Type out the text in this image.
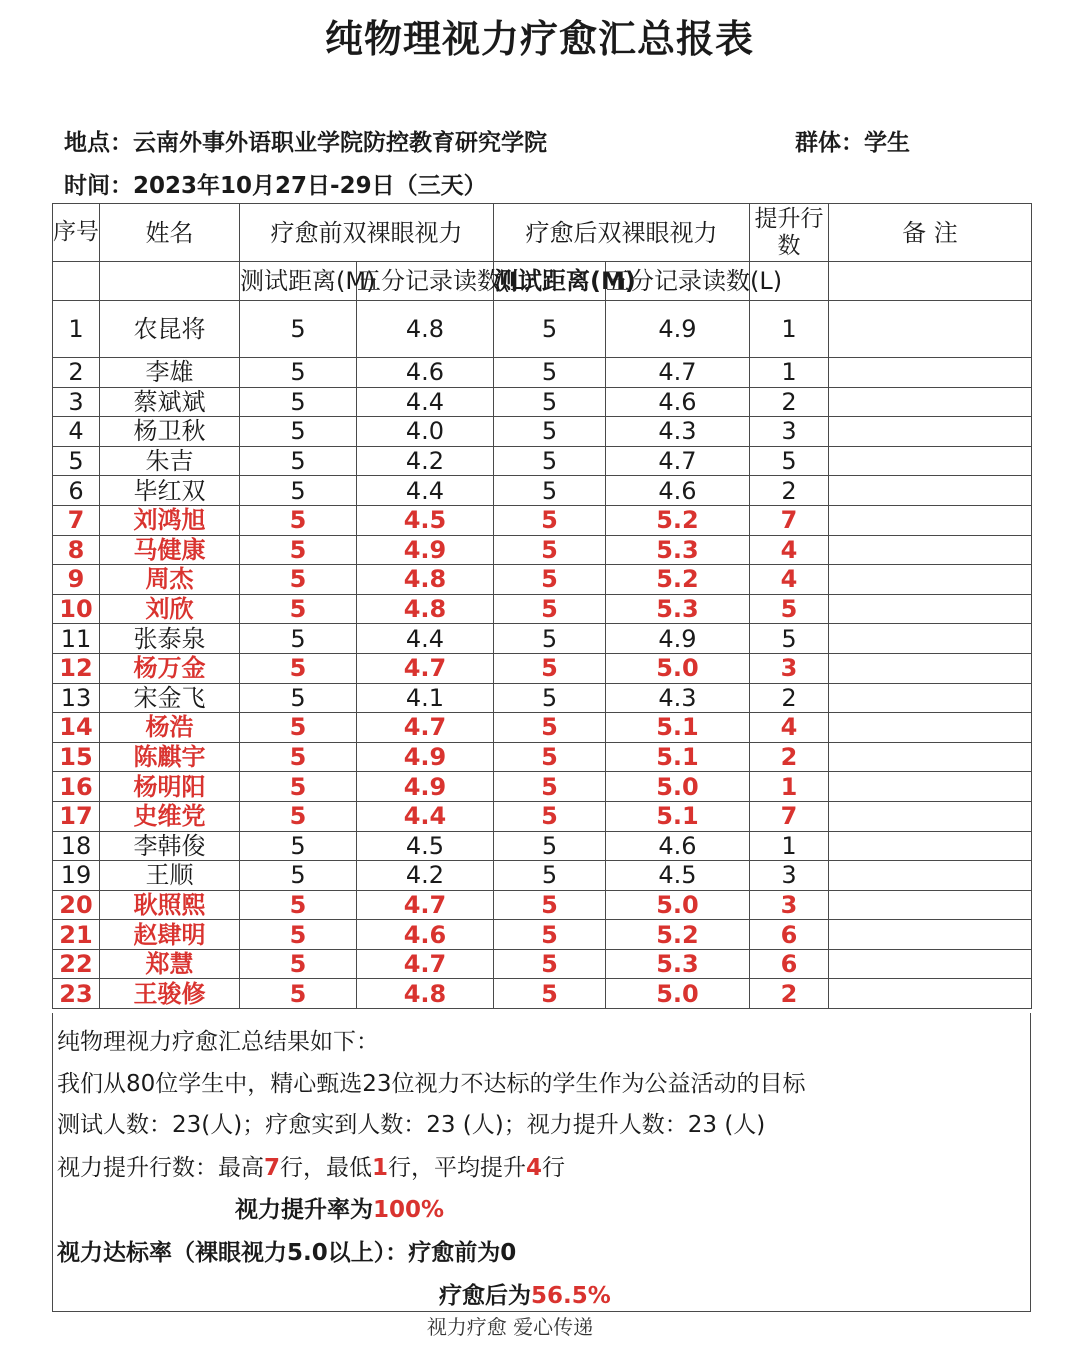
纯物理视力疗愈汇总报表
地点：云南外事外语职业学院防控教育研究学院	群体：学生
时间：2023年10月27日-29日（三天）
序号	姓名	疗愈前双裸眼视力		疗愈后双裸眼视力		提升行数	备 注
		测试距离(M)	五分记录读数(L)	测试距离(M)	五分记录读数(L)		
1	农昆将	5	4.8	5	4.9	1	
2	李雄	5	4.6	5	4.7	1	
3	蔡斌斌	5	4.4	5	4.6	2	
4	杨卫秋	5	4.0	5	4.3	3	
5	朱吉	5	4.2	5	4.7	5	
6	毕红双	5	4.4	5	4.6	2	
7	刘鸿旭	5	4.5	5	5.2	7	
8	马健康	5	4.9	5	5.3	4	
9	周杰	5	4.8	5	5.2	4	
10	刘欣	5	4.8	5	5.3	5	
11	张泰泉	5	4.4	5	4.9	5	
12	杨万金	5	4.7	5	5.0	3	
13	宋金飞	5	4.1	5	4.3	2	
14	杨浩	5	4.7	5	5.1	4	
15	陈麒宇	5	4.9	5	5.1	2	
16	杨明阳	5	4.9	5	5.0	1	
17	史维党	5	4.4	5	5.1	7	
18	李韩俊	5	4.5	5	4.6	1	
19	王顺	5	4.2	5	4.5	3	
20	耿照熙	5	4.7	5	5.0	3	
21	赵肆明	5	4.6	5	5.2	6	
22	郑慧	5	4.7	5	5.3	6	
23	王骏修	5	4.8	5	5.0	2	
纯物理视力疗愈汇总结果如下：
我们从80位学生中，精心甄选23位视力不达标的学生作为公益活动的目标
测试人数：23(人)；疗愈实到人数：23 (人)；视力提升人数：23 (人)
视力提升行数：最高7行，最低1行，平均提升4行
视力提升率为100%
视力达标率（裸眼视力5.0以上）：疗愈前为0
疗愈后为56.5%
视力疗愈 爱心传递
